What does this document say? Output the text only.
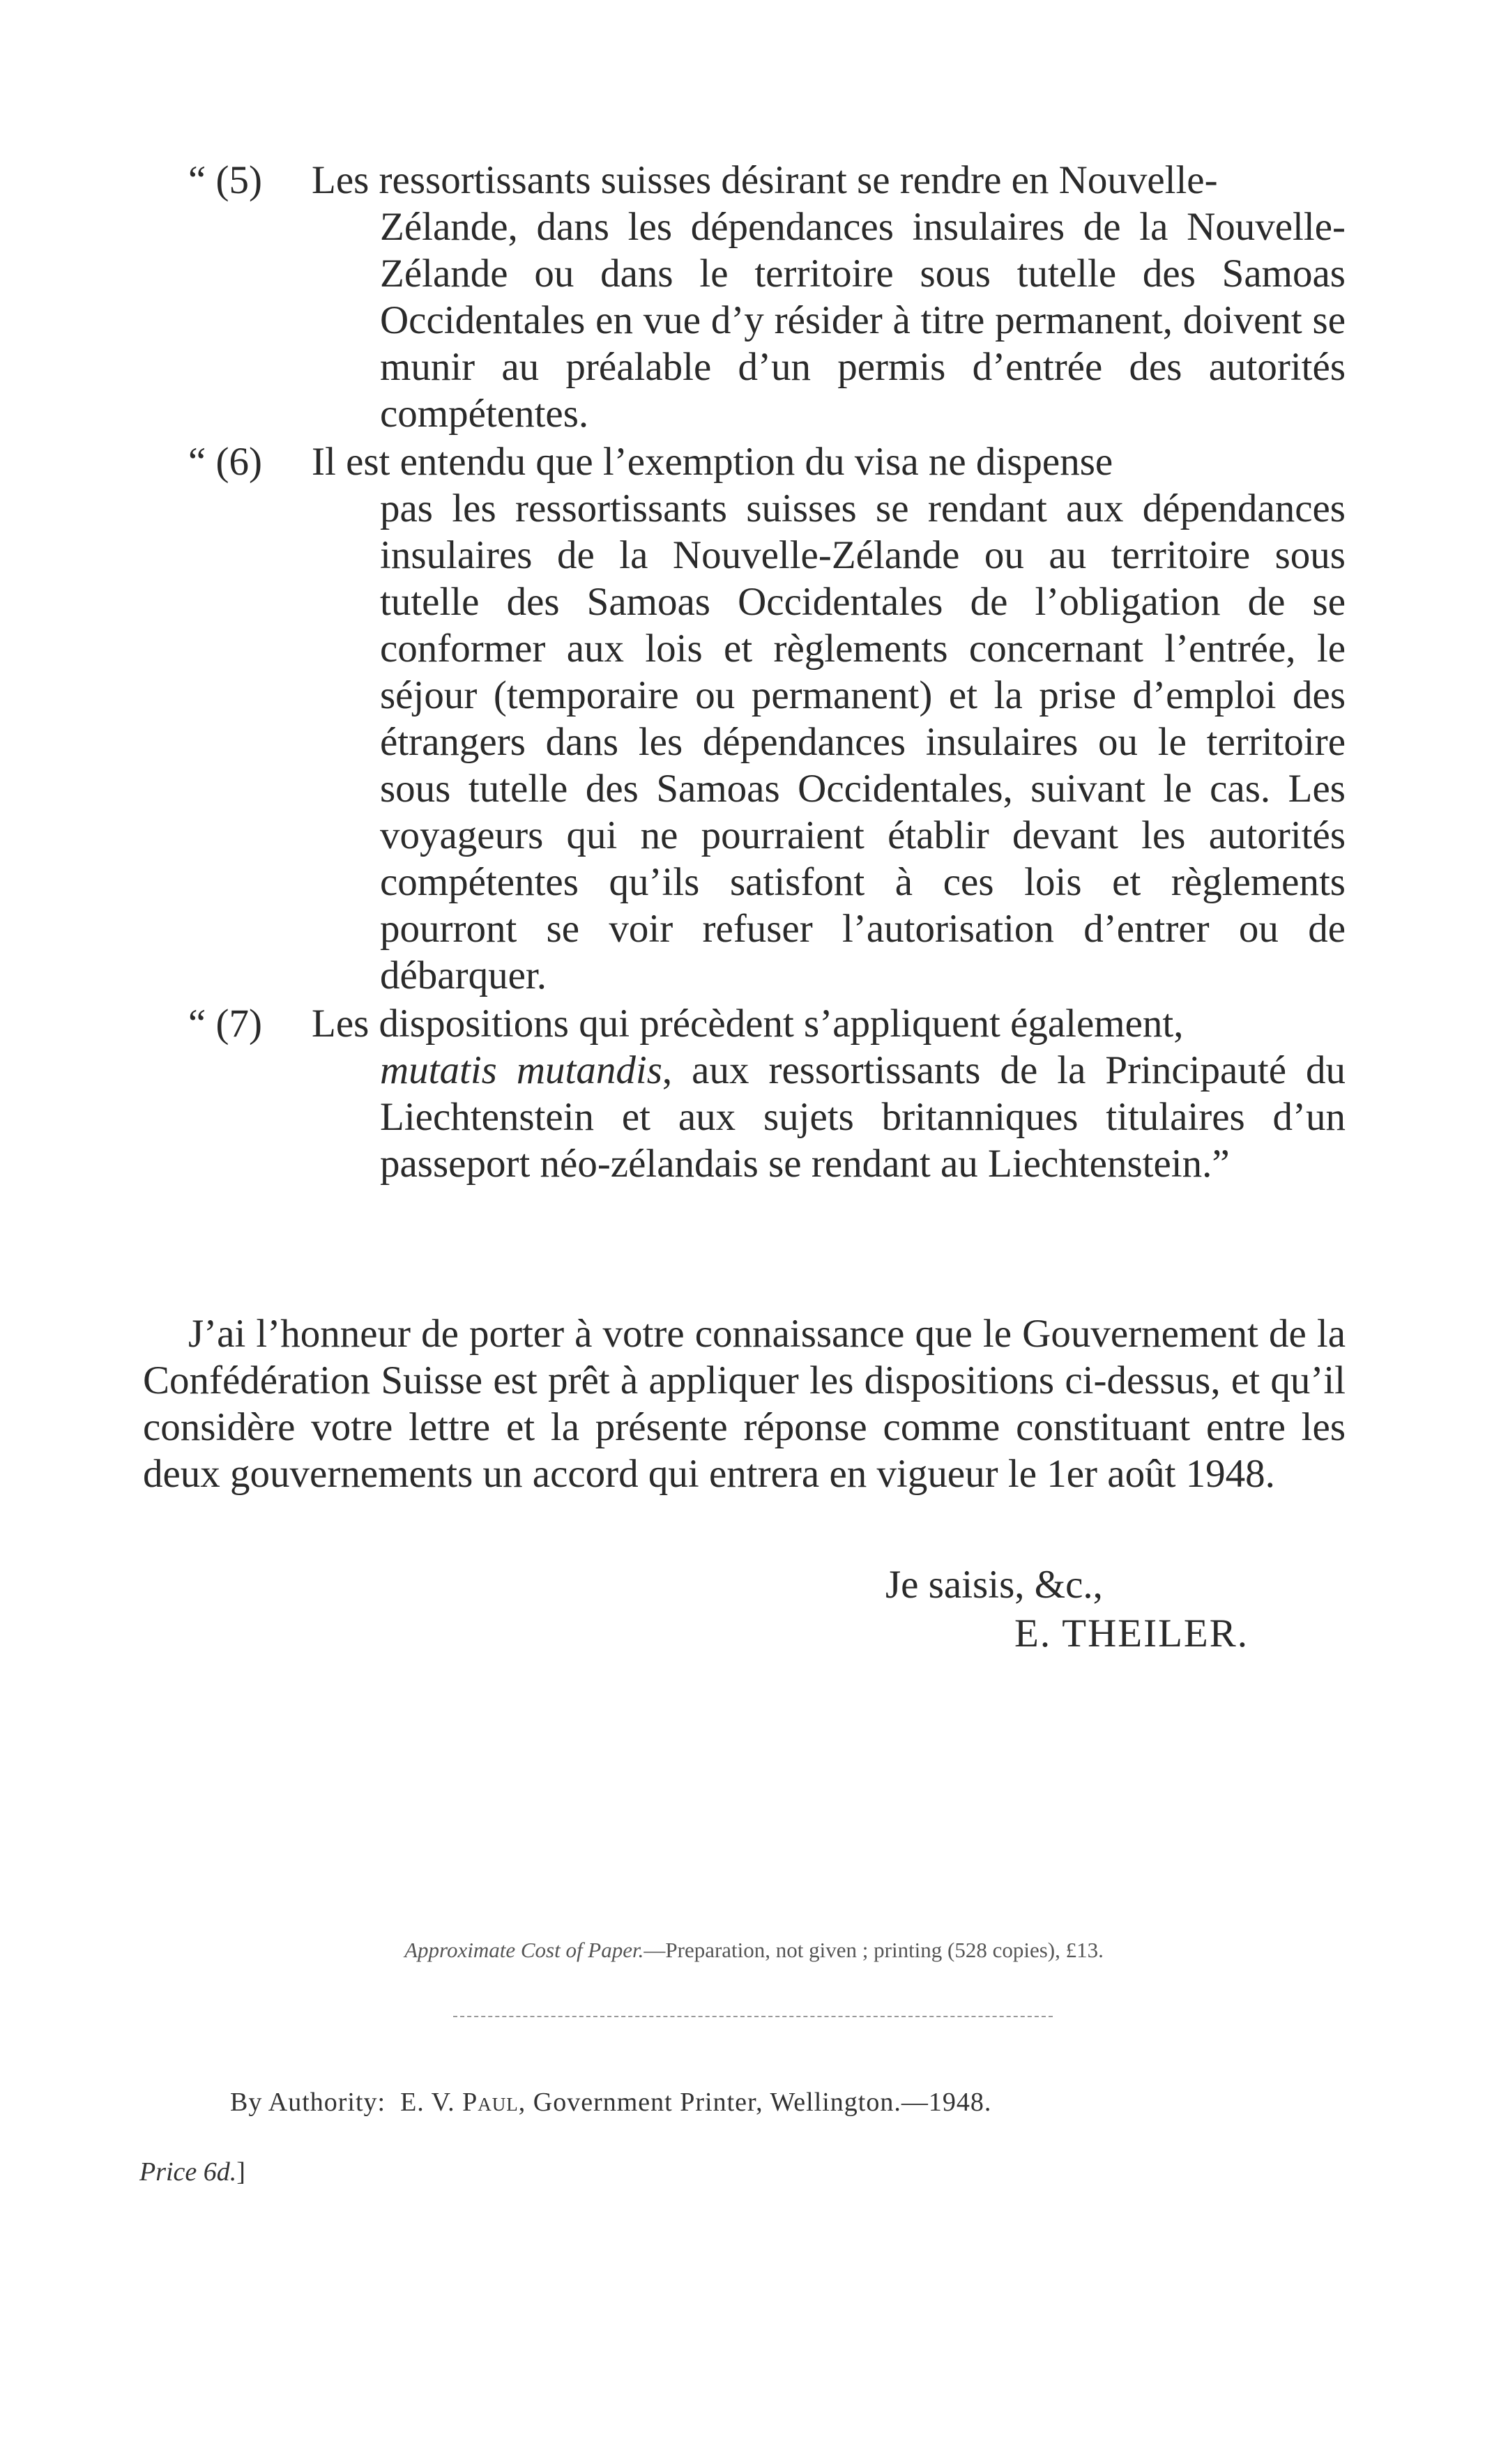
“ (5) Les ressortissants suisses désirant se rendre en Nouvelle-
Zélande, dans les dépendances insulaires de la Nouvelle-Zélande ou dans le territoire sous tutelle des Samoas Occidentales en vue d’y résider à titre permanent, doivent se munir au préalable d’un permis d’entrée des autorités compétentes.
“ (6) Il est entendu que l’exemption du visa ne dispense
pas les ressortissants suisses se rendant aux dépendances insulaires de la Nouvelle-Zélande ou au territoire sous tutelle des Samoas Occidentales de l’obligation de se conformer aux lois et règlements concernant l’entrée, le séjour (temporaire ou permanent) et la prise d’emploi des étrangers dans les dépendances insulaires ou le territoire sous tutelle des Samoas Occidentales, suivant le cas. Les voyageurs qui ne pourraient établir devant les autorités compétentes qu’ils satisfont à ces lois et règlements pourront se voir refuser l’autorisation d’entrer ou de débarquer.
“ (7) Les dispositions qui précèdent s’appliquent également,
mutatis mutandis, aux ressortissants de la Principauté du Liechtenstein et aux sujets britanniques titulaires d’un passeport néo-zélandais se rendant au Liechtenstein.”

J’ai l’honneur de porter à votre connaissance que le Gouvernement de la Confédération Suisse est prêt à appliquer les dispositions ci-dessus, et qu’il considère votre lettre et la présente réponse comme constituant entre les deux gouvernements un accord qui entrera en vigueur le 1er août 1948.

Je saisis, &c.,
E. THEILER.
Approximate Cost of Paper.—Preparation, not given ; printing (528 copies), £13.
By Authority: E. V. Paul, Government Printer, Wellington.—1948.
Price 6d.]
